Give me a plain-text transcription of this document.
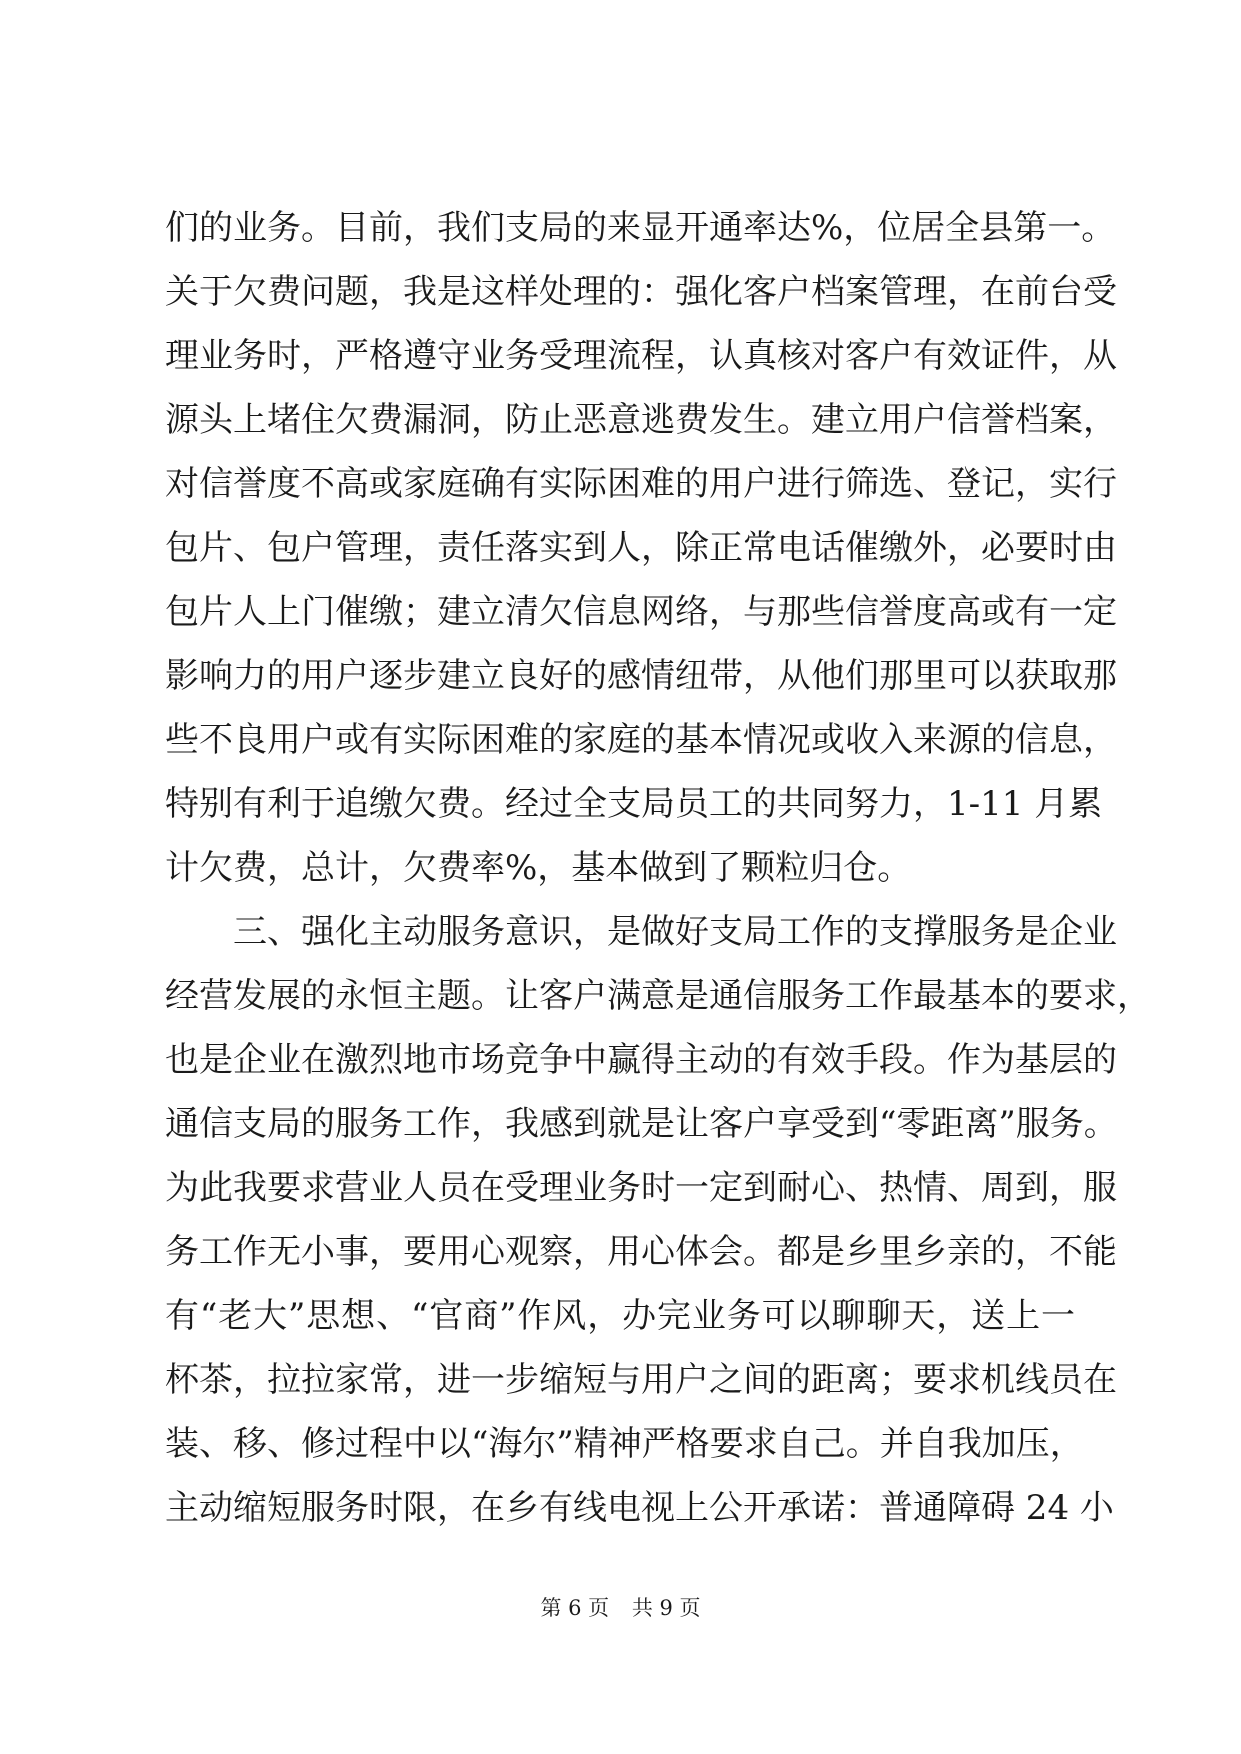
们的业务。目前，我们支局的来显开通率达%，位居全县第一。
关于欠费问题，我是这样处理的：强化客户档案管理，在前台受
理业务时，严格遵守业务受理流程，认真核对客户有效证件，从
源头上堵住欠费漏洞，防止恶意逃费发生。建立用户信誉档案，
对信誉度不高或家庭确有实际困难的用户进行筛选、登记，实行
包片、包户管理，责任落实到人，除正常电话催缴外，必要时由
包片人上门催缴；建立清欠信息网络，与那些信誉度高或有一定
影响力的用户逐步建立良好的感情纽带，从他们那里可以获取那
些不良用户或有实际困难的家庭的基本情况或收入来源的信息，
特别有利于追缴欠费。经过全支局员工的共同努力，1-11 月累
计欠费，总计，欠费率%，基本做到了颗粒归仓。
三、强化主动服务意识，是做好支局工作的支撑服务是企业
经营发展的永恒主题。让客户满意是通信服务工作最基本的要求，
也是企业在激烈地市场竞争中赢得主动的有效手段。作为基层的
通信支局的服务工作，我感到就是让客户享受到“零距离”服务。
为此我要求营业人员在受理业务时一定到耐心、热情、周到，服
务工作无小事，要用心观察，用心体会。都是乡里乡亲的，不能
有“老大”思想、“官商”作风，办完业务可以聊聊天，送上一
杯茶，拉拉家常，进一步缩短与用户之间的距离；要求机线员在
装、移、修过程中以“海尔”精神严格要求自己。并自我加压，
主动缩短服务时限，在乡有线电视上公开承诺：普通障碍 24 小
第 6 页 共 9 页
